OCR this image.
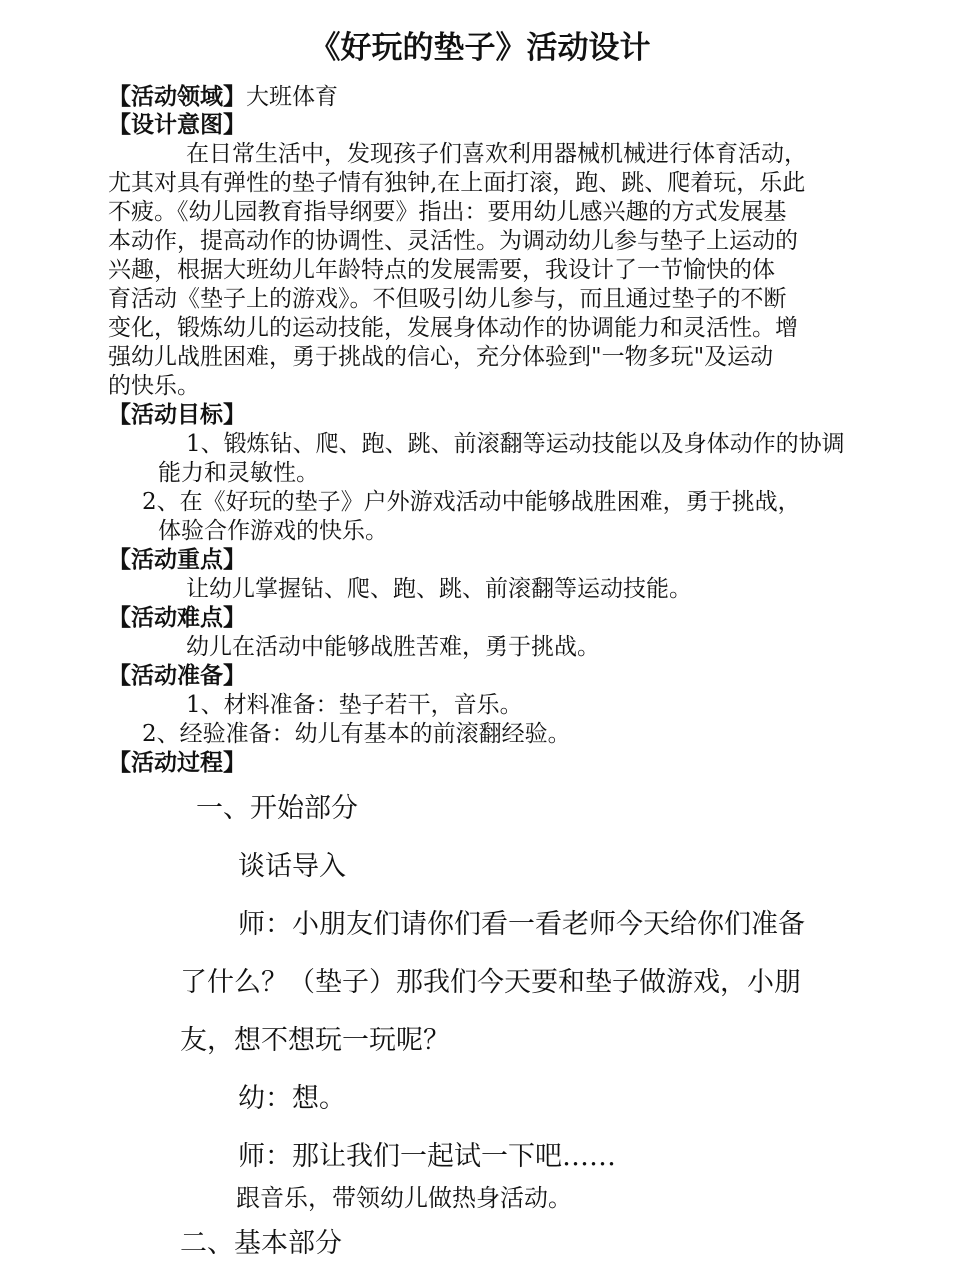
《好玩的垫子》活动设计
【活动领域】大班体育
【设计意图】
在日常生活中，发现孩子们喜欢利用器械机械进行体育活动，
尤其对具有弹性的垫子情有独钟,在上面打滚，跑、跳、爬着玩，乐此
不疲。《幼儿园教育指导纲要》指出：要用幼儿感兴趣的方式发展基
本动作，提高动作的协调性、灵活性。为调动幼儿参与垫子上运动的
兴趣，根据大班幼儿年龄特点的发展需要，我设计了一节愉快的体
育活动《垫子上的游戏》。不但吸引幼儿参与，而且通过垫子的不断
变化，锻炼幼儿的运动技能，发展身体动作的协调能力和灵活性。增
强幼儿战胜困难，勇于挑战的信心，充分体验到"一物多玩"及运动
的快乐。
【活动目标】
1、锻炼钻、爬、跑、跳、前滚翻等运动技能以及身体动作的协调
能力和灵敏性。
2、在《好玩的垫子》户外游戏活动中能够战胜困难，勇于挑战，
体验合作游戏的快乐。
【活动重点】
让幼儿掌握钻、爬、跑、跳、前滚翻等运动技能。
【活动难点】
幼儿在活动中能够战胜苦难，勇于挑战。
【活动准备】
1、材料准备：垫子若干，音乐。
2、经验准备：幼儿有基本的前滚翻经验。
【活动过程】
一、开始部分
谈话导入
师：小朋友们请你们看一看老师今天给你们准备
了什么？（垫子）那我们今天要和垫子做游戏，小朋
友，想不想玩一玩呢？
幼：想。
师：那让我们一起试一下吧……
跟音乐，带领幼儿做热身活动。
二、基本部分
